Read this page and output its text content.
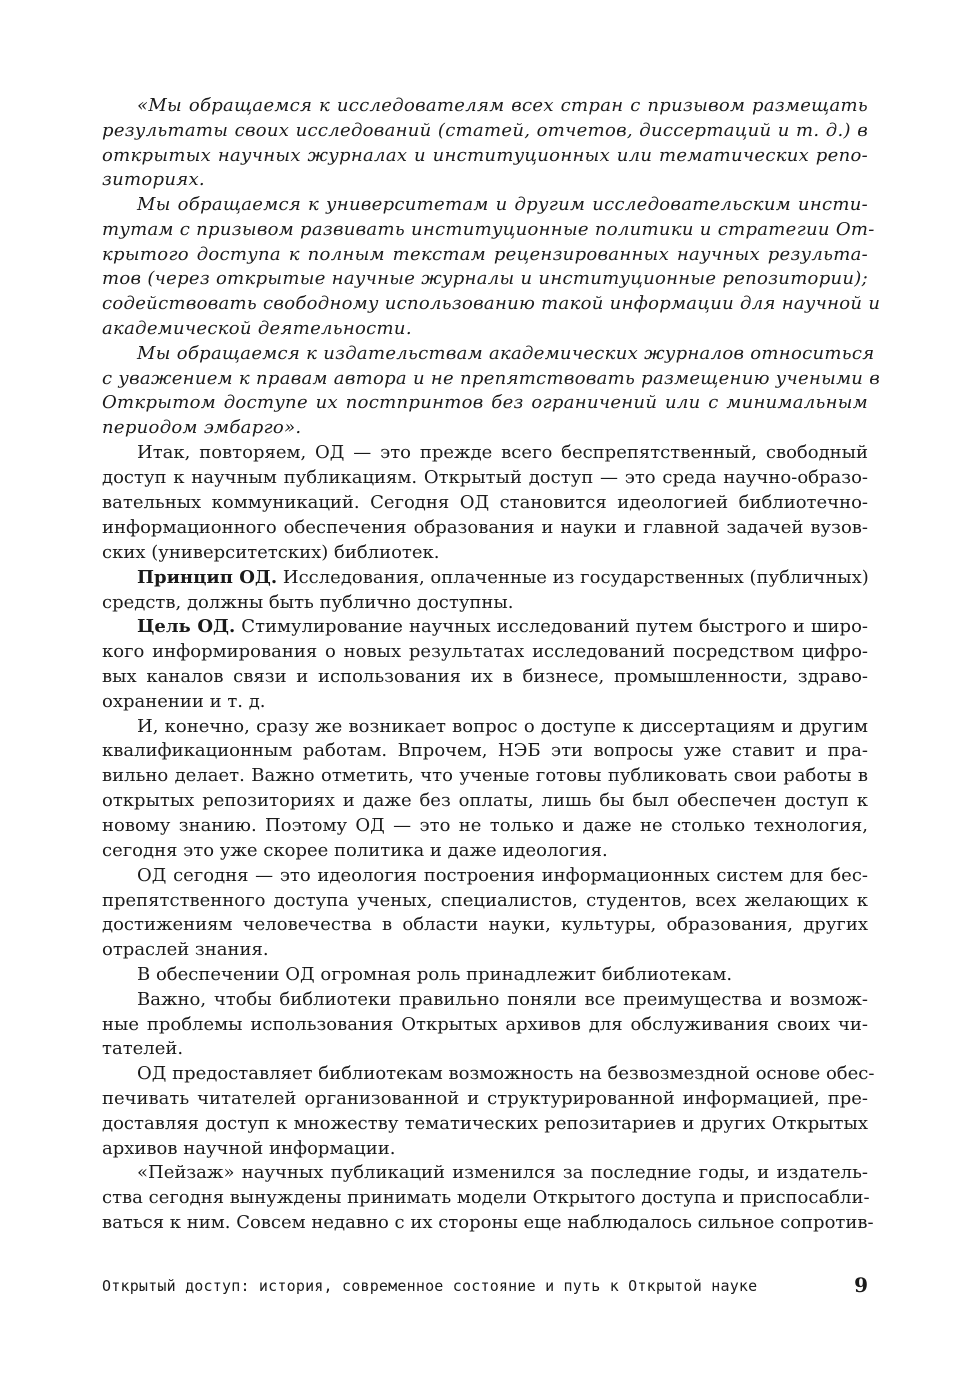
«Мы обращаемся к исследователям всех стран с призывом размещать
результаты своих исследований (статей, отчетов, диссертаций и т. д.) в
открытых научных журналах и институционных или тематических репо-
зиториях.
Мы обращаемся к университетам и другим исследовательским инсти-
тутам с призывом развивать институционные политики и стратегии От-
крытого доступа к полным текстам рецензированных научных результа-
тов (через открытые научные журналы и институционные репозитории);
содействовать свободному использованию такой информации для научной и
академической деятельности.
Мы обращаемся к издательствам академических журналов относиться
с уважением к правам автора и не препятствовать размещению учеными в
Открытом доступе их постпринтов без ограничений или с минимальным
периодом эмбарго».
Итак, повторяем, ОД — это прежде всего беспрепятственный, свободный
доступ к научным публикациям. Открытый доступ — это среда научно-образо-
вательных коммуникаций. Сегодня ОД становится идеологией библиотечно-
информационного обеспечения образования и науки и главной задачей вузов-
ских (университетских) библиотек.
Принцип ОД. Исследования, оплаченные из государственных (публичных)
средств, должны быть публично доступны.
Цель ОД. Стимулирование научных исследований путем быстрого и широ-
кого информирования о новых результатах исследований посредством цифро-
вых каналов связи и использования их в бизнесе, промышленности, здраво-
охранении и т. д.
И, конечно, сразу же возникает вопрос о доступе к диссертациям и другим
квалификационным работам. Впрочем, НЭБ эти вопросы уже ставит и пра-
вильно делает. Важно отметить, что ученые готовы публиковать свои работы в
открытых репозиториях и даже без оплаты, лишь бы был обеспечен доступ к
новому знанию. Поэтому ОД — это не только и даже не столько технология,
сегодня это уже скорее политика и даже идеология.
ОД сегодня — это идеология построения информационных систем для бес-
препятственного доступа ученых, специалистов, студентов, всех желающих к
достижениям человечества в области науки, культуры, образования, других
отраслей знания.
В обеспечении ОД огромная роль принадлежит библиотекам.
Важно, чтобы библиотеки правильно поняли все преимущества и возмож-
ные проблемы использования Открытых архивов для обслуживания своих чи-
тателей.
ОД предоставляет библиотекам возможность на безвозмездной основе обес-
печивать читателей организованной и структурированной информацией, пре-
доставляя доступ к множеству тематических репозитариев и других Открытых
архивов научной информации.
«Пейзаж» научных публикаций изменился за последние годы, и издатель-
ства сегодня вынуждены принимать модели Открытого доступа и приспосабли-
ваться к ним. Совсем недавно с их стороны еще наблюдалось сильное сопротив-
Открытый доступ: история, современное состояние и путь к Открытой науке	9
